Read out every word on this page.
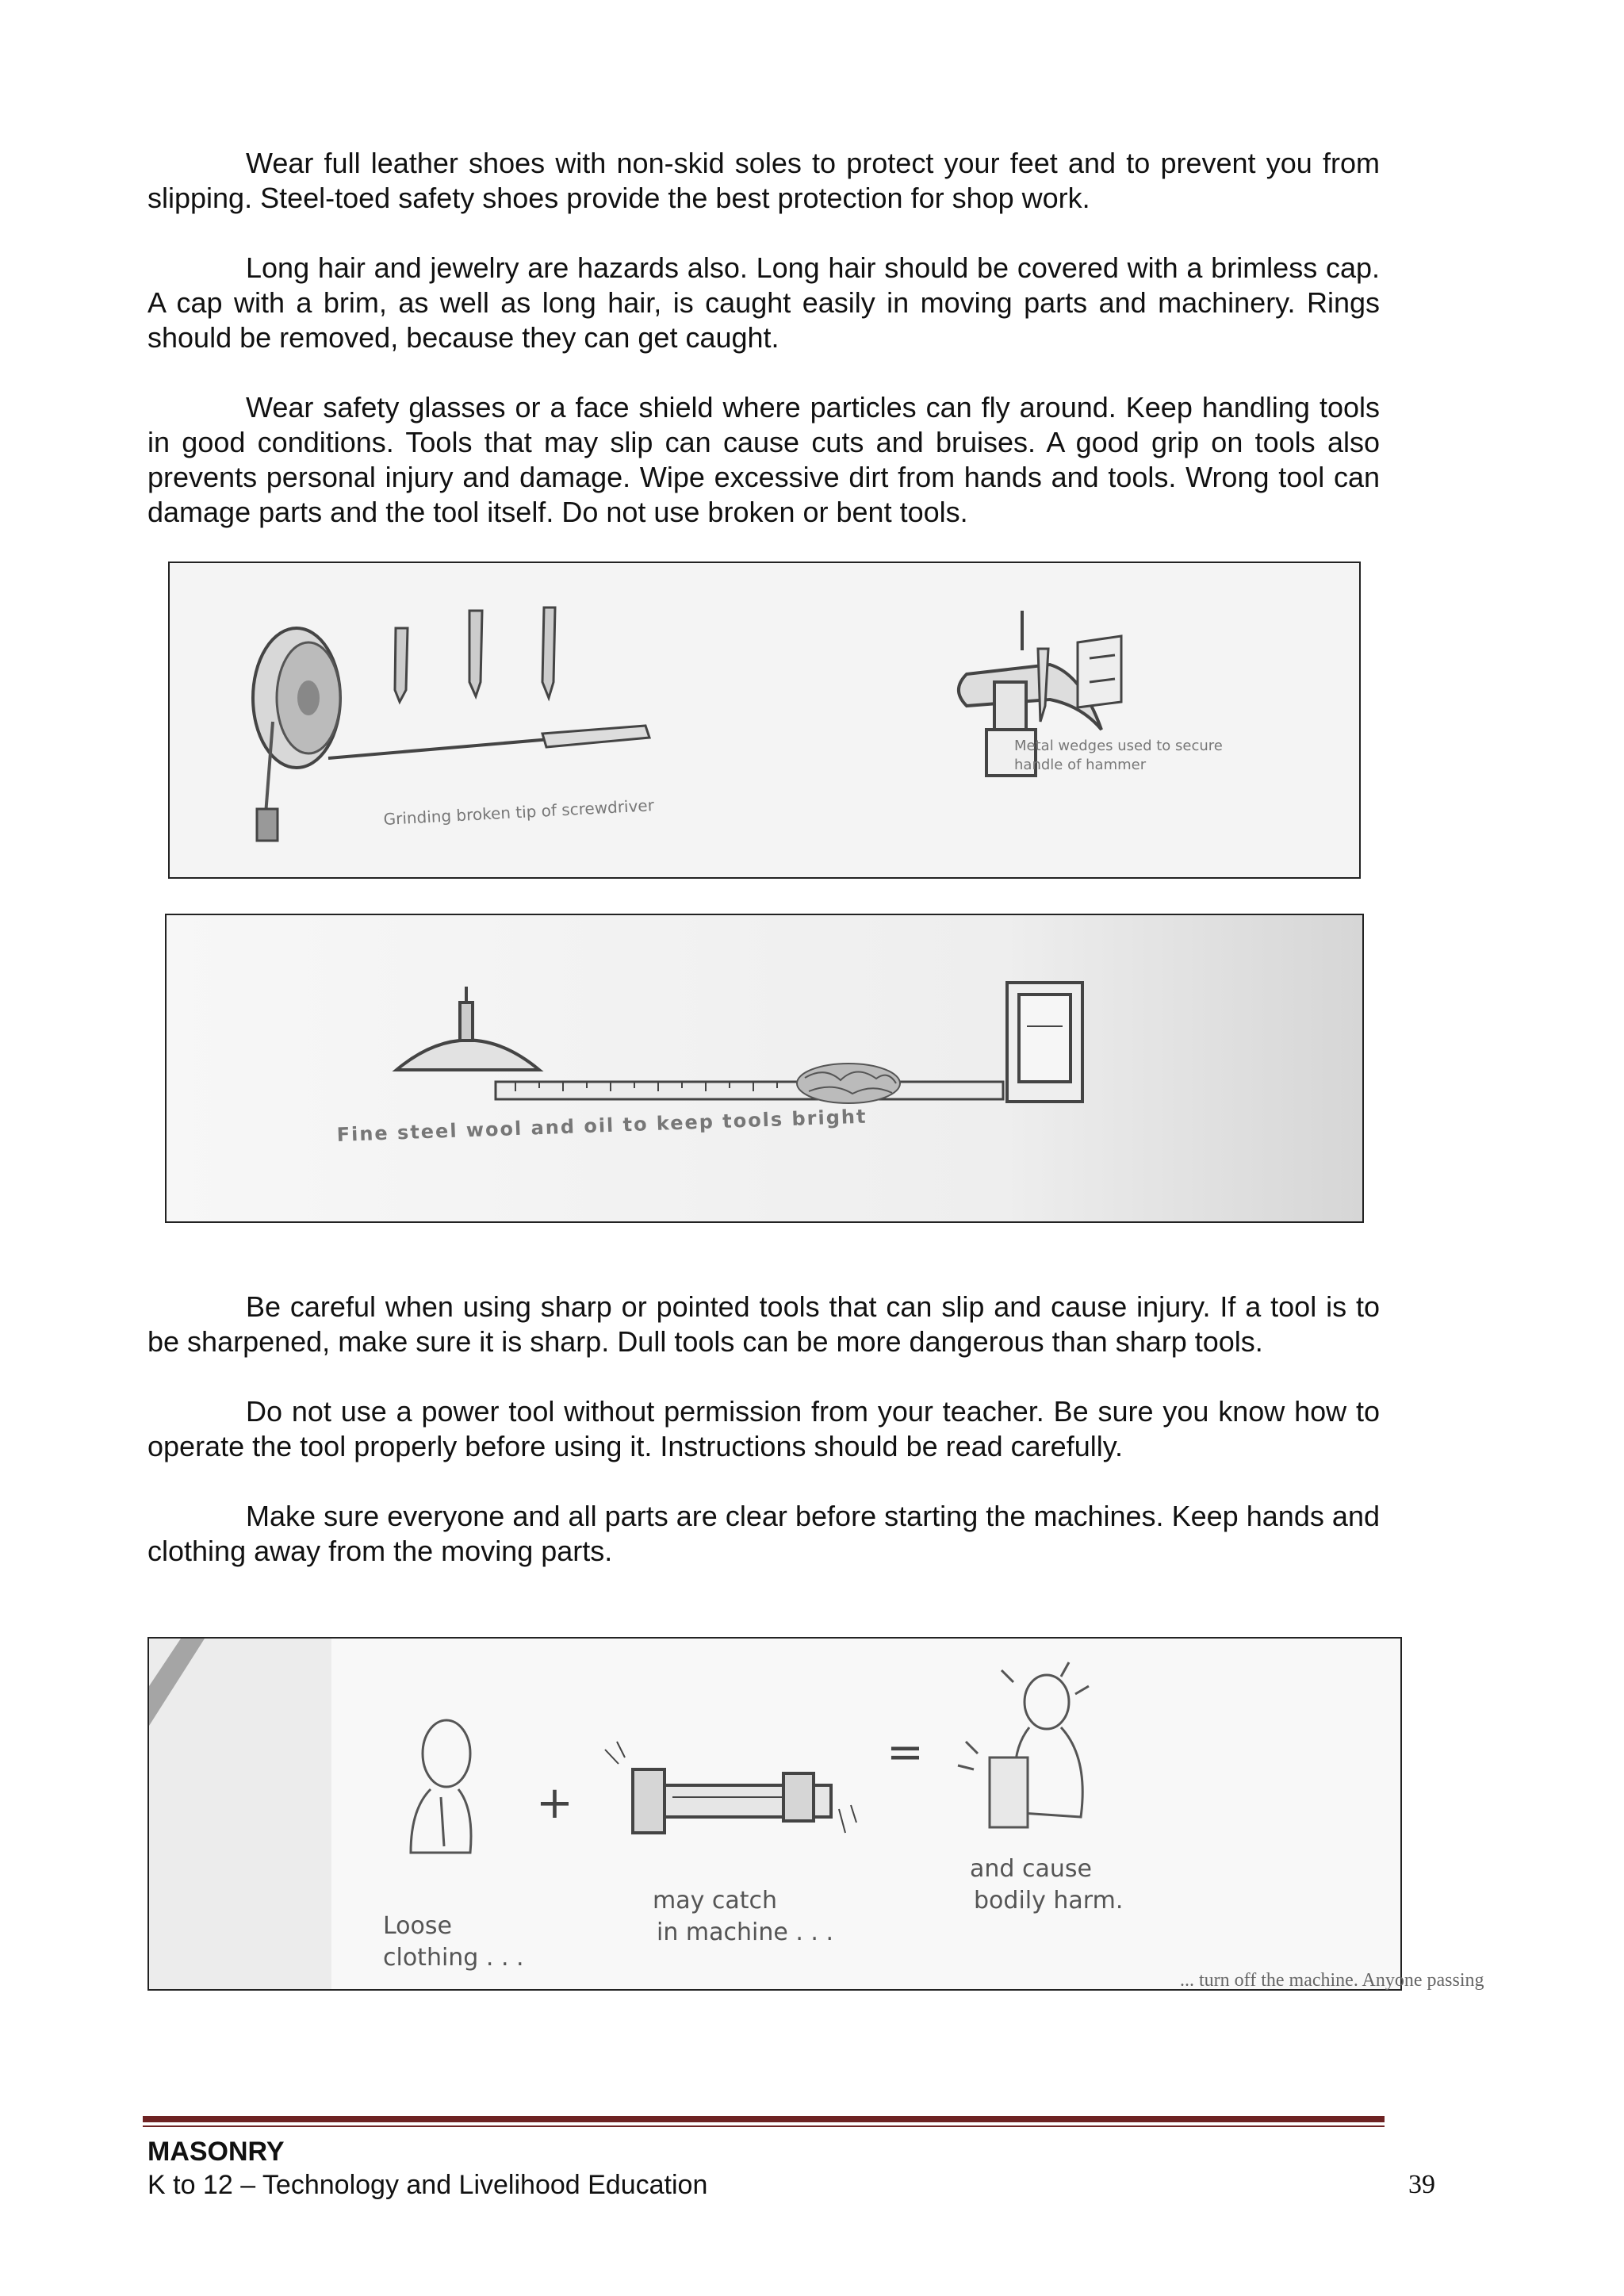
Wear full leather shoes with non-skid soles to protect your feet and to prevent you from slipping. Steel-toed safety shoes provide the best protection for shop work.

Long hair and jewelry are hazards also. Long hair should be covered with a brimless cap. A cap with a brim, as well as long hair, is caught easily in moving parts and machinery. Rings should be removed, because they can get caught.

Wear safety glasses or a face shield where particles can fly around. Keep handling tools in good conditions. Tools that may slip can cause cuts and bruises. A good grip on tools also prevents personal injury and damage. Wipe excessive dirt from hands and tools. Wrong tool can damage parts and the tool itself. Do not use broken or bent tools.

Grinding broken tip of screwdriver
Metal wedges used to secure
handle of hammer
Fine steel wool and oil to keep tools bright

Be careful when using sharp or pointed tools that can slip and cause injury. If a tool is to be sharpened, make sure it is sharp. Dull tools can be more dangerous than sharp tools.

Do not use a power tool without permission from your teacher. Be sure you know how to operate the tool properly before using it. Instructions should be read carefully.

Make sure everyone and all parts are clear before starting the machines. Keep hands and clothing away from the moving parts.

+
=
Loose
clothing . . .
may catch
in machine . . .
and cause
bodily harm.
... turn off the machine. Anyone passing
MASONRY
K to 12 – Technology and Livelihood Education	39
